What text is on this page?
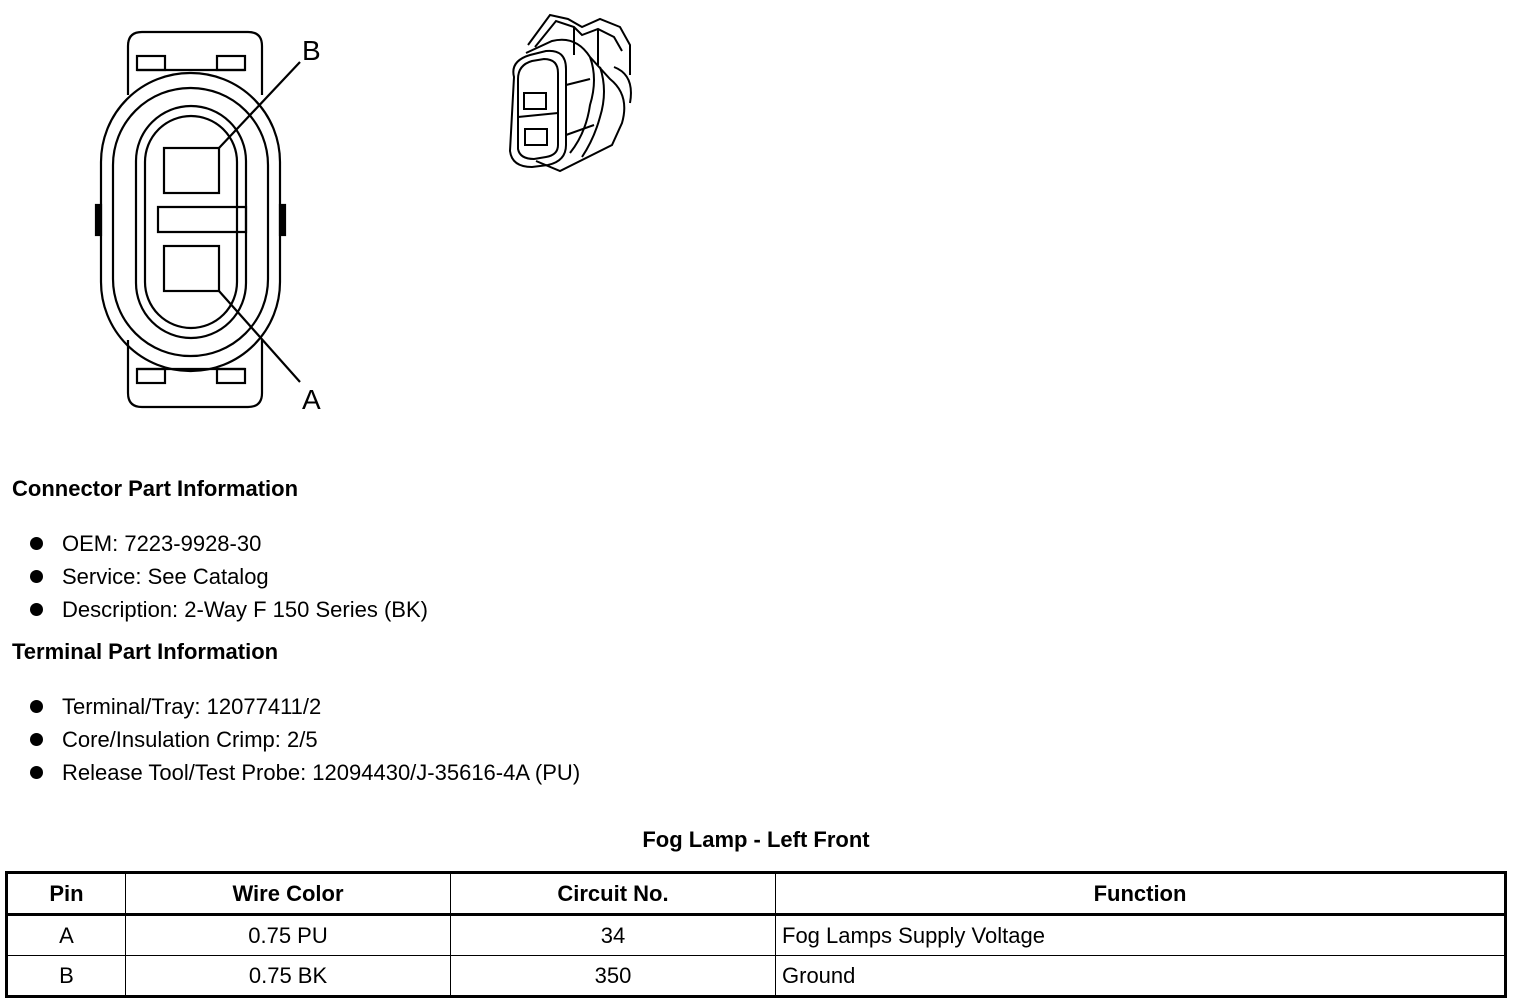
B
A
Connector Part Information
OEM: 7223-9928-30
Service: See Catalog
Description: 2-Way F 150 Series (BK)
Terminal Part Information
Terminal/Tray: 12077411/2
Core/Insulation Crimp: 2/5
Release Tool/Test Probe: 12094430/J-35616-4A (PU)
Fog Lamp - Left Front
Pin	Wire Color	Circuit No.	Function
A	0.75 PU	34	Fog Lamps Supply Voltage
B	0.75 BK	350	Ground
